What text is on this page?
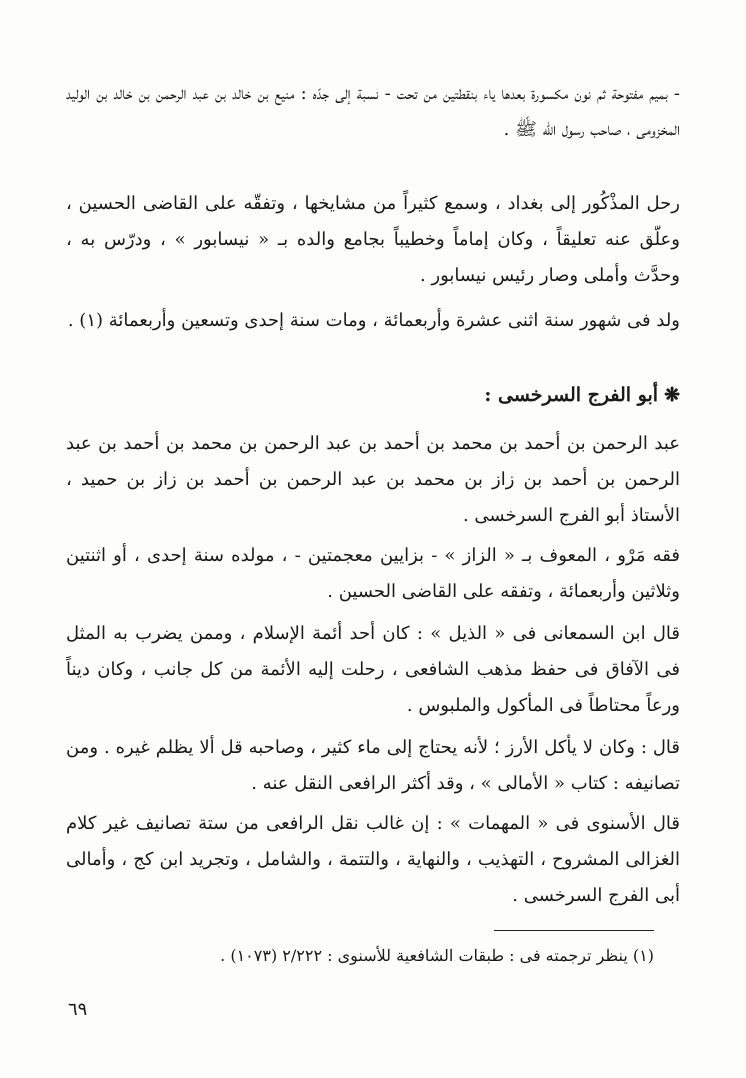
- بميم مفتوحة ثم نون مكسورة بعدها ياء بنقطتين من تحت - نسبة إلى جدّه : منيع بن خالد بن عبد الرحمن بن خالد بن الوليد المخزومى ، صاحب رسول الله ﷺ .

رحل المذْكُور إلى بغداد ، وسمع كثيراً من مشايخها ، وتفقّه على القاضى الحسين ، وعلّق عنه تعليقاً ، وكان إماماً وخطيباً بجامع والده بـ « نيسابور » ، ودرّس به ، وحدَّث وأملى وصار رئيس نيسابور .

ولد فى شهور سنة اثنى عشرة وأربعمائة ، ومات سنة إحدى وتسعين وأربعمائة (١) .

❋أبو الفرج السرخسى :

عبد الرحمن بن أحمد بن محمد بن أحمد بن عبد الرحمن بن محمد بن أحمد بن عبد الرحمن بن أحمد بن زاز بن محمد بن عبد الرحمن بن أحمد بن زاز بن حميد ، الأستاذ أبو الفرج السرخسى .

فقه مَرْو ، المعوف بـ « الزاز » - بزايين معجمتين - ، مولده سنة إحدى ، أو اثنتين وثلاثين وأربعمائة ، وتفقه على القاضى الحسين .

قال ابن السمعانى فى « الذيل » : كان أحد أئمة الإسلام ، وممن يضرب به المثل فى الآفاق فى حفظ مذهب الشافعى ، رحلت إليه الأئمة من كل جانب ، وكان ديناً ورعاً محتاطاً فى المأكول والملبوس .

قال : وكان لا يأكل الأرز ؛ لأنه يحتاج إلى ماء كثير ، وصاحبه قل ألا يظلم غيره . ومن تصانيفه : كتاب « الأمالى » ، وقد أكثر الرافعى النقل عنه .

قال الأسنوى فى « المهمات » : إن غالب نقل الرافعى من ستة تصانيف غير كلام الغزالى المشروح ، التهذيب ، والنهاية ، والتتمة ، والشامل ، وتجريد ابن كج ، وأمالى أبى الفرج السرخسى .

(١) ينظر ترجمته فى : طبقات الشافعية للأسنوى : ٢/٢٢٢ (١٠٧٣) .
٦٩
